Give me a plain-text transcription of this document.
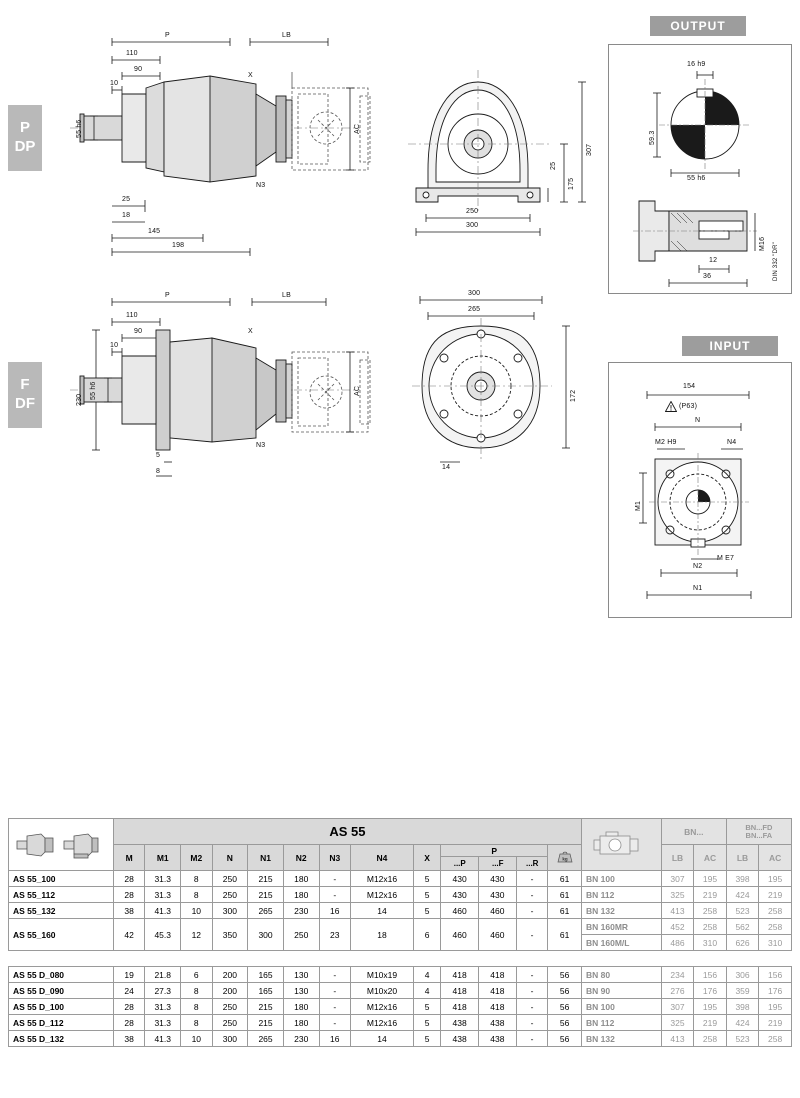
P
DP
F
DF
P	LB
110
90
10
55 h6
25
18
145
198
X
N3
AC
250
300
307
175
25
P	LB
110
90
10
55 h6
230
5
8
X
N3
AC
300
265
172
14
OUTPUT
16 h9
59.3
55 h6
12
36
M16 DIN 332 "DR"
INPUT
154
(P63)
N
M2 H9	N4
M1
M E7
N2
N1
	AS 55														BN...		BN...FD
BN...FA	

	M	M1	M2	N	N1	N2	N3	N4	X	P
...P ...F ...R			kg		LB	AC	LB	AC
AS 55_100	28	31.3	8	250	215	180	-	M12x16	5	430	430	-	61	BN 100	307	195	398	195
AS 55_112	28	31.3	8	250	215	180	-	M12x16	5	430	430	-	61	BN 112	325	219	424	219
AS 55_132	38	41.3	10	300	265	230	16	14	5	460	460	-	61	BN 132	413	258	523	258
AS 55_160	42	45.3	12	350	300	250	23	18	6	460	460	-	61	BN 160MR	452	258	562	258
														BN 160M/L	486	310	626	310

AS 55 D_080	19	21.8	6	200	165	130	-	M10x19	4	418	418	-	56	BN 80	234	156	306	156
AS 55 D_090	24	27.3	8	200	165	130	-	M10x20	4	418	418	-	56	BN 90	276	176	359	176
AS 55 D_100	28	31.3	8	250	215	180	-	M12x16	5	418	418	-	56	BN 100	307	195	398	195
AS 55 D_112	28	31.3	8	250	215	180	-	M12x16	5	438	438	-	56	BN 112	325	219	424	219
AS 55 D_132	38	41.3	10	300	265	230	16	14	5	438	438	-	56	BN 132	413	258	523	258
